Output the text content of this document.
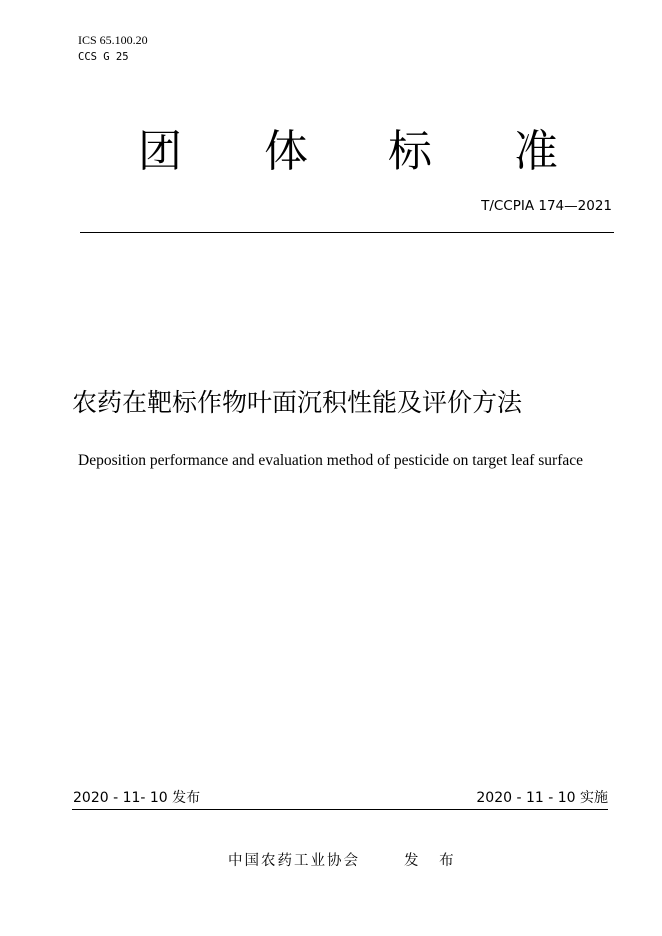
ICS 65.100.20
CCS G 25
团 体 标 准
T/CCPIA 174—2021
农药在靶标作物叶面沉积性能及评价方法
Deposition performance and evaluation method of pesticide on target leaf surface
2020 - 11- 10 发布	2020 - 11 - 10 实施
中国农药工业协会	发 布
